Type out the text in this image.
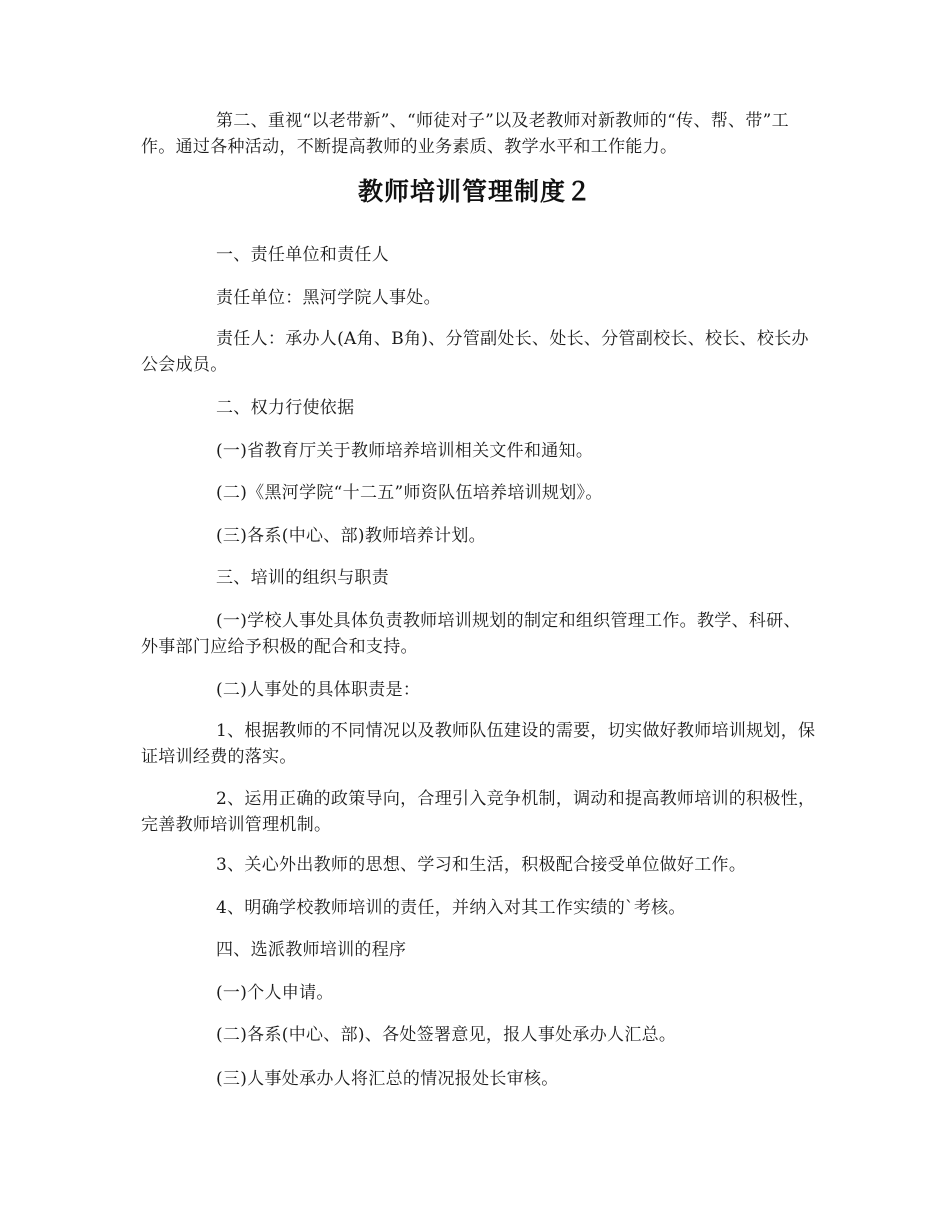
第二、重视“以老带新”、“师徒对子”以及老教师对新教师的“传、帮、带”工作。通过各种活动，不断提高教师的业务素质、教学水平和工作能力。

教师培训管理制度２

一、责任单位和责任人

责任单位：黑河学院人事处。

责任人：承办人(A角、B角)、分管副处长、处长、分管副校长、校长、校长办公会成员。

二、权力行使依据

(一)省教育厅关于教师培养培训相关文件和通知。

(二)《黑河学院“十二五”师资队伍培养培训规划》。

(三)各系(中心、部)教师培养计划。

三、培训的组织与职责

(一)学校人事处具体负责教师培训规划的制定和组织管理工作。教学、科研、外事部门应给予积极的配合和支持。

(二)人事处的具体职责是：

1、根据教师的不同情况以及教师队伍建设的需要，切实做好教师培训规划，保证培训经费的落实。

2、运用正确的政策导向，合理引入竞争机制，调动和提高教师培训的积极性，完善教师培训管理机制。

3、关心外出教师的思想、学习和生活，积极配合接受单位做好工作。

4、明确学校教师培训的责任，并纳入对其工作实绩的`考核。

四、选派教师培训的程序

(一)个人申请。

(二)各系(中心、部)、各处签署意见，报人事处承办人汇总。

(三)人事处承办人将汇总的情况报处长审核。
